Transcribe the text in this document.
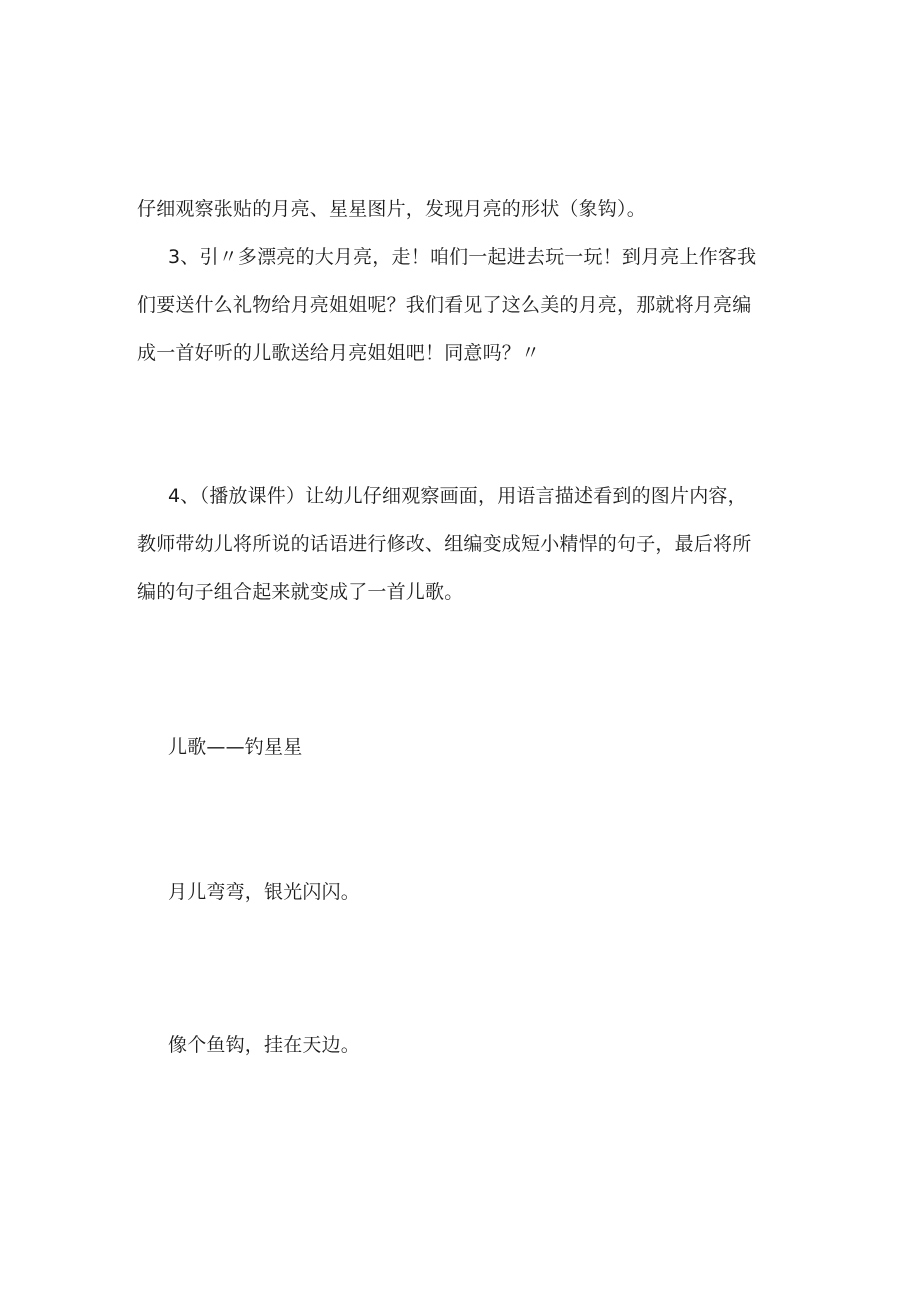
仔细观察张贴的月亮、星星图片，发现月亮的形状（象钩）。
3、引〃多漂亮的大月亮，走！咱们一起进去玩一玩！到月亮上作客我
们要送什么礼物给月亮姐姐呢？我们看见了这么美的月亮，那就将月亮编
成一首好听的儿歌送给月亮姐姐吧！同意吗？〃
4、（播放课件）让幼儿仔细观察画面，用语言描述看到的图片内容，
教师带幼儿将所说的话语进行修改、组编变成短小精悍的句子，最后将所
编的句子组合起来就变成了一首儿歌。
儿歌——钓星星
月儿弯弯，银光闪闪。
像个鱼钩，挂在天边。
